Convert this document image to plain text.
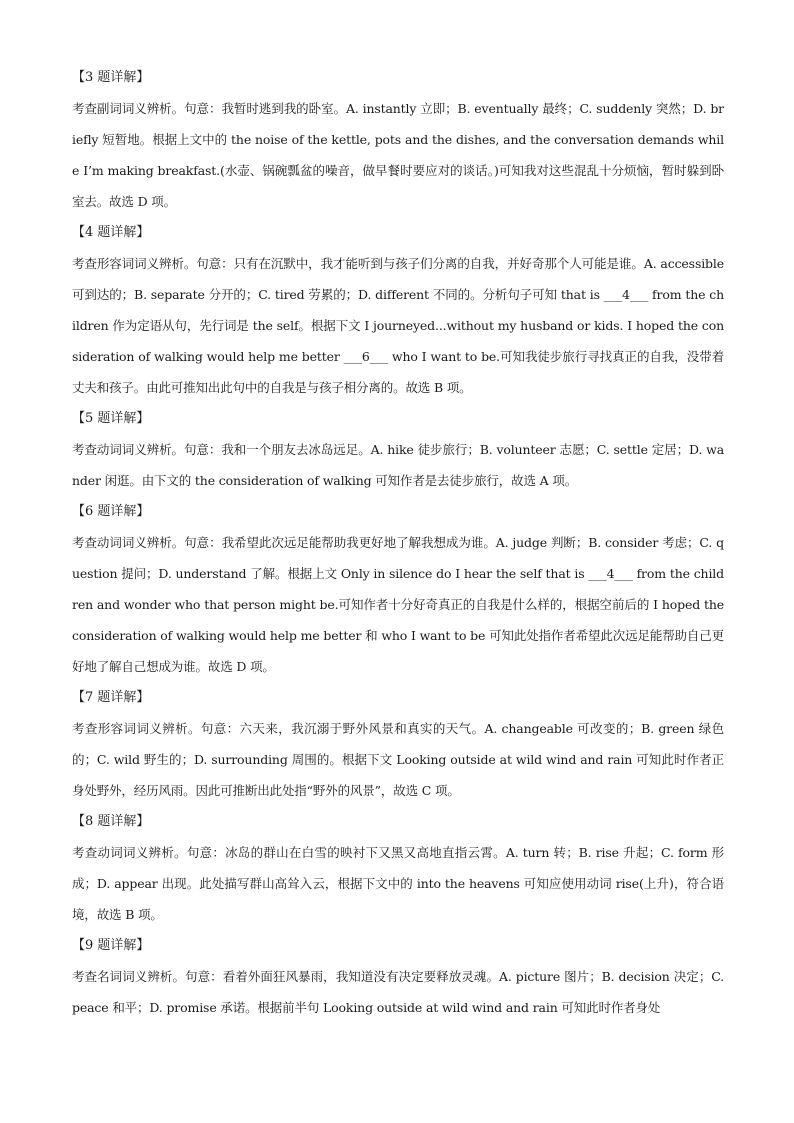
【3 题详解】
考查副词词义辨析。句意：我暂时逃到我的卧室。A. instantly 立即；B. eventually 最终；C. suddenly 突然；D. briefly 短暂地。根据上文中的 the noise of the kettle, pots and the dishes, and the conversation demands while I’m making breakfast.(水壶、锅碗瓢盆的噪音，做早餐时要应对的谈话。)可知我对这些混乱十分烦恼，暂时躲到卧室去。故选 D 项。
【4 题详解】
考查形容词词义辨析。句意：只有在沉默中，我才能听到与孩子们分离的自我，并好奇那个人可能是谁。A. accessible 可到达的；B. separate 分开的；C. tired 劳累的；D. different 不同的。分析句子可知 that is ___4___ from the children 作为定语从句，先行词是 the self。根据下文 I journeyed...without my husband or kids. I hoped the consideration of walking would help me better ___6___ who I want to be.可知我徒步旅行寻找真正的自我，没带着丈夫和孩子。由此可推知出此句中的自我是与孩子相分离的。故选 B 项。
【5 题详解】
考查动词词义辨析。句意：我和一个朋友去冰岛远足。A. hike 徒步旅行；B. volunteer 志愿；C. settle 定居；D. wander 闲逛。由下文的 the consideration of walking 可知作者是去徒步旅行，故选 A 项。
【6 题详解】
考查动词词义辨析。句意：我希望此次远足能帮助我更好地了解我想成为谁。A. judge 判断；B. consider 考虑；C. question 提问；D. understand 了解。根据上文 Only in silence do I hear the self that is ___4___ from the children and wonder who that person might be.可知作者十分好奇真正的自我是什么样的，根据空前后的 I hoped the consideration of walking would help me better 和 who I want to be 可知此处指作者希望此次远足能帮助自己更好地了解自己想成为谁。故选 D 项。
【7 题详解】
考查形容词词义辨析。句意：六天来，我沉溺于野外风景和真实的天气。A. changeable 可改变的；B. green 绿色的；C. wild 野生的；D. surrounding 周围的。根据下文 Looking outside at wild wind and rain 可知此时作者正身处野外，经历风雨。因此可推断出此处指“野外的风景”，故选 C 项。
【8 题详解】
考查动词词义辨析。句意：冰岛的群山在白雪的映衬下又黑又高地直指云霄。A. turn 转；B. rise 升起；C. form 形成；D. appear 出现。此处描写群山高耸入云，根据下文中的 into the heavens 可知应使用动词 rise(上升)，符合语境，故选 B 项。
【9 题详解】
考查名词词义辨析。句意：看着外面狂风暴雨，我知道没有决定要释放灵魂。A. picture 图片；B. decision 决定；C. peace 和平；D. promise 承诺。根据前半句 Looking outside at wild wind and rain 可知此时作者身处
